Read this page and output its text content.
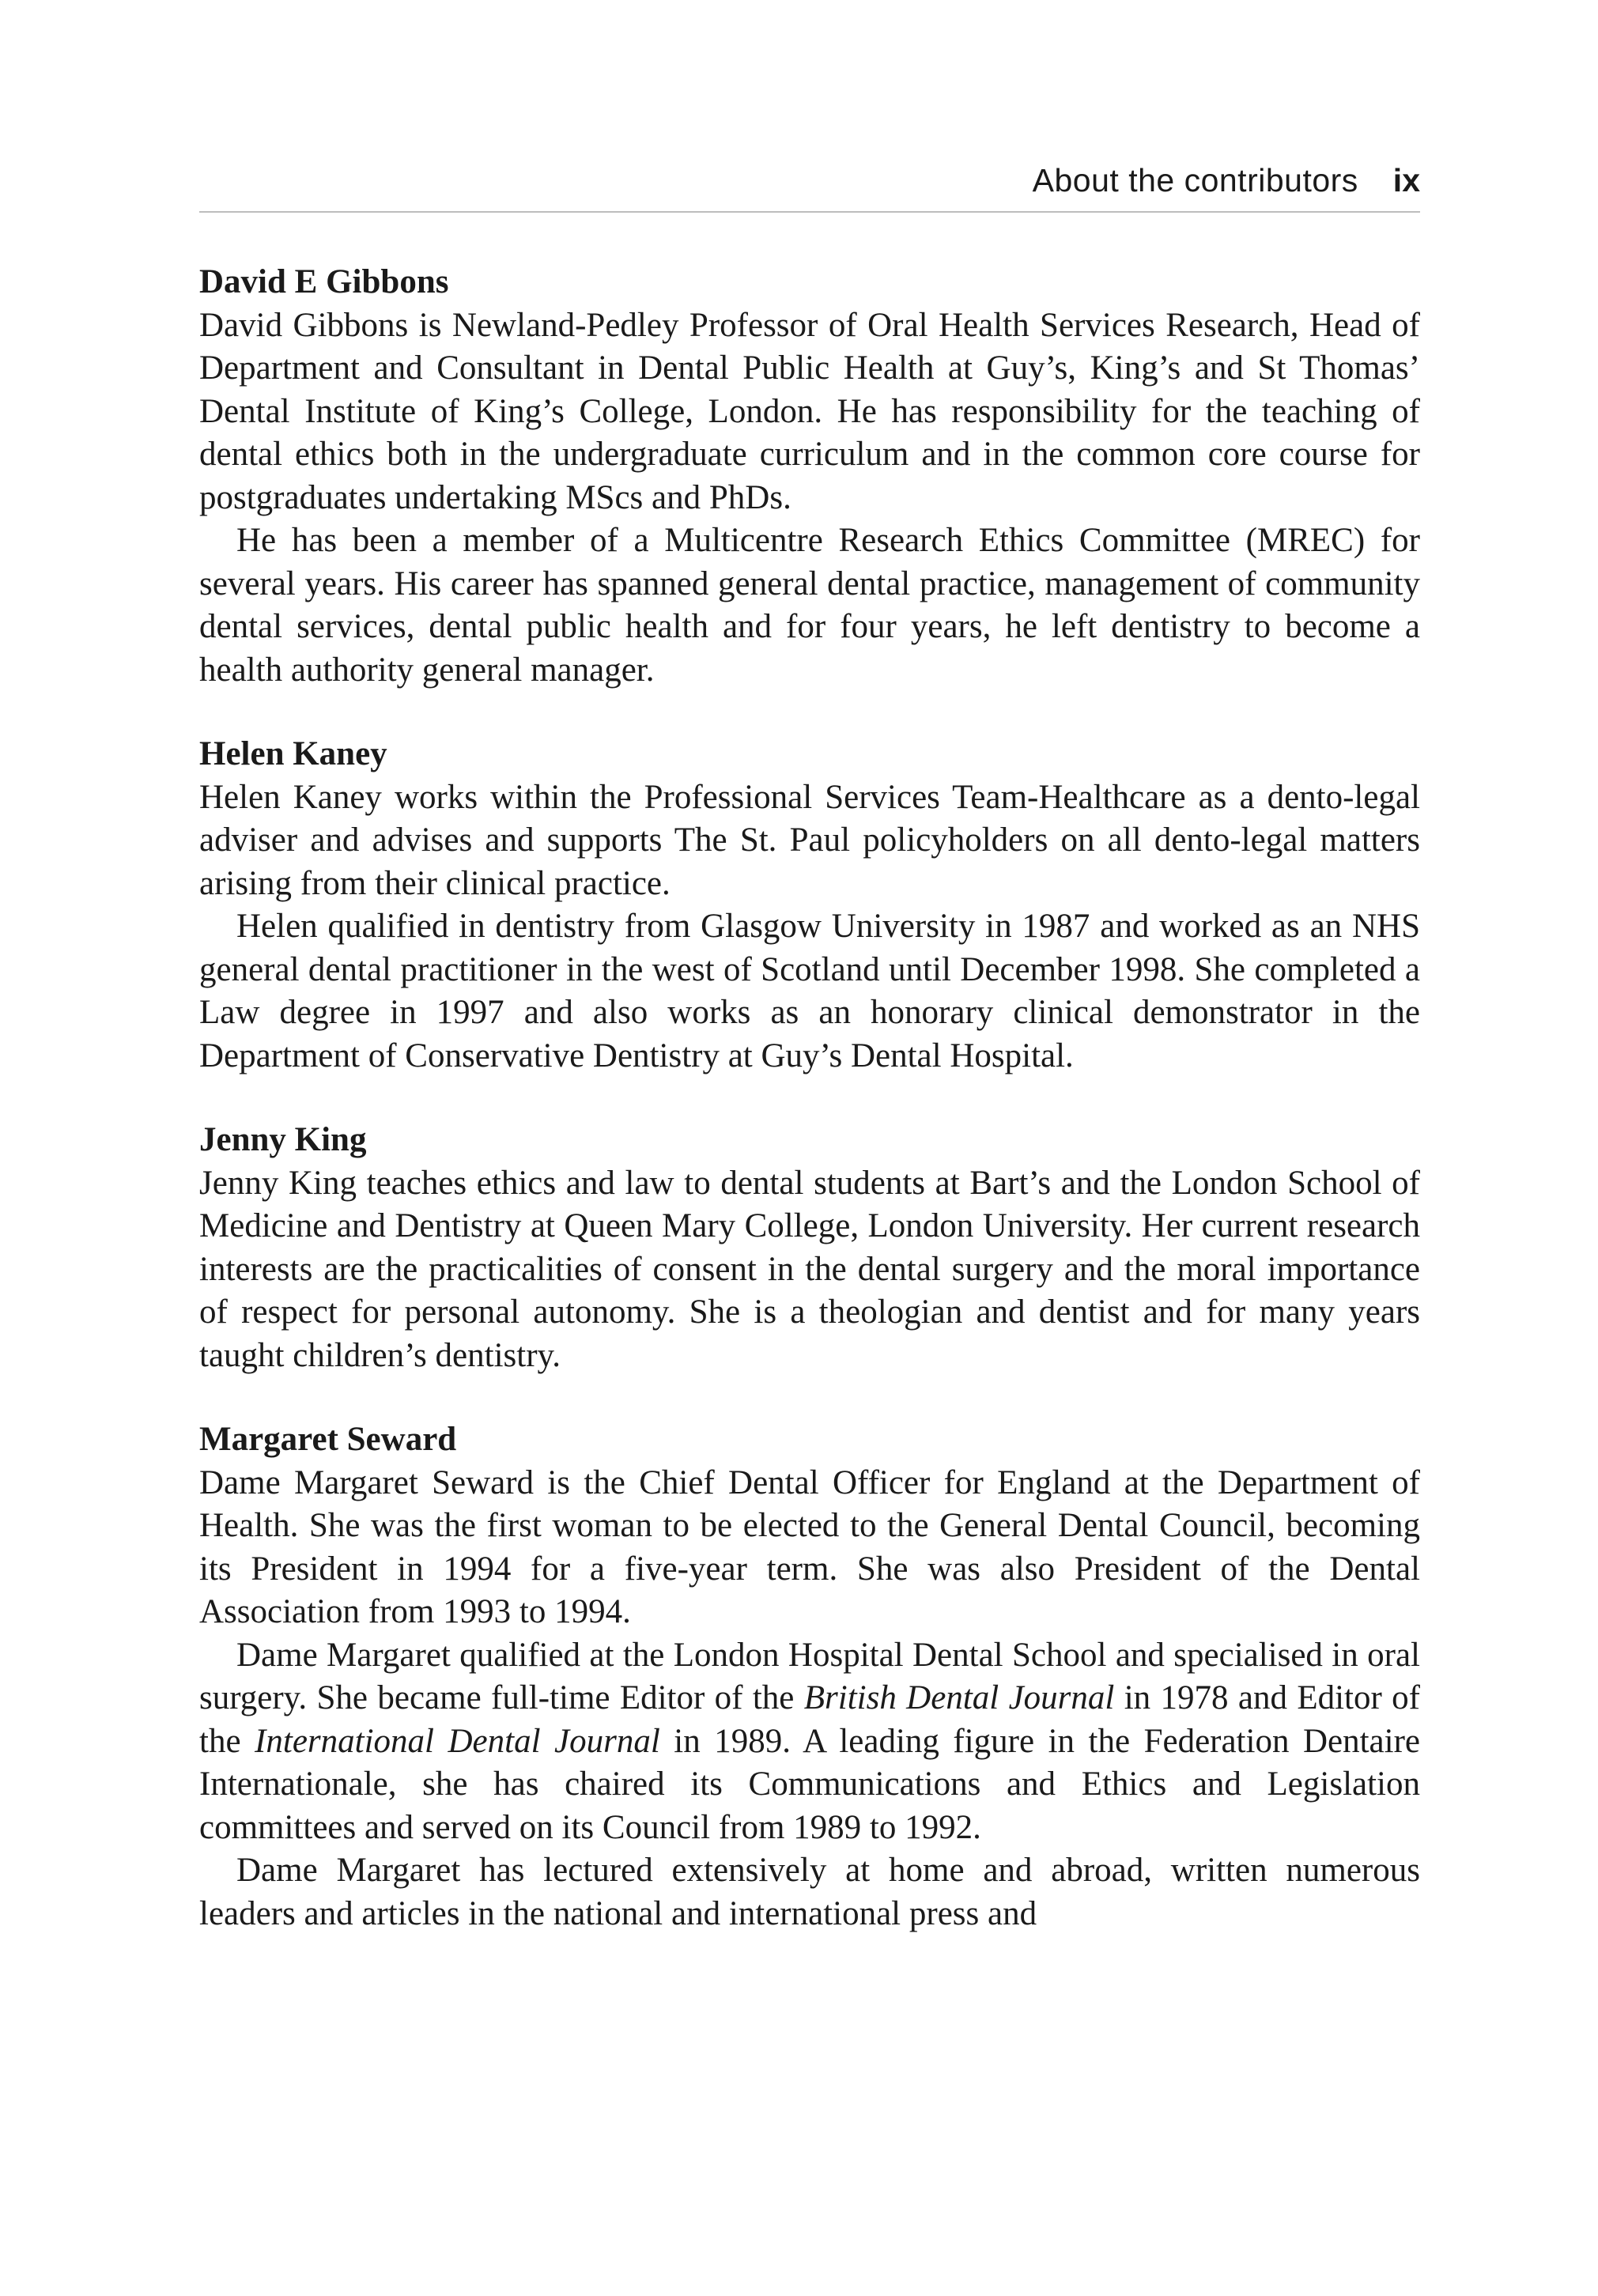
About the contributors ix
David E Gibbons

David Gibbons is Newland-Pedley Professor of Oral Health Services Research, Head of Department and Consultant in Dental Public Health at Guy’s, King’s and St Thomas’ Dental Institute of King’s College, London. He has responsibility for the teaching of dental ethics both in the undergraduate curriculum and in the common core course for postgraduates undertaking MScs and PhDs.

He has been a member of a Multicentre Research Ethics Committee (MREC) for several years. His career has spanned general dental practice, management of community dental services, dental public health and for four years, he left dentistry to become a health authority general manager.

Helen Kaney

Helen Kaney works within the Professional Services Team-Healthcare as a dento-legal adviser and advises and supports The St. Paul policyholders on all dento-legal matters arising from their clinical practice.

Helen qualified in dentistry from Glasgow University in 1987 and worked as an NHS general dental practitioner in the west of Scotland until December 1998. She completed a Law degree in 1997 and also works as an honorary clinical demonstrator in the Department of Conservative Dentistry at Guy’s Dental Hospital.

Jenny King

Jenny King teaches ethics and law to dental students at Bart’s and the London School of Medicine and Dentistry at Queen Mary College, London University. Her current research interests are the practicalities of consent in the dental surgery and the moral importance of respect for personal autonomy. She is a theologian and dentist and for many years taught children’s dentistry.

Margaret Seward

Dame Margaret Seward is the Chief Dental Officer for England at the Department of Health. She was the first woman to be elected to the General Dental Council, becoming its President in 1994 for a five-year term. She was also President of the Dental Association from 1993 to 1994.

Dame Margaret qualified at the London Hospital Dental School and specialised in oral surgery. She became full-time Editor of the British Dental Journal in 1978 and Editor of the International Dental Journal in 1989. A leading figure in the Federation Dentaire Internationale, she has chaired its Communications and Ethics and Legislation committees and served on its Council from 1989 to 1992.

Dame Margaret has lectured extensively at home and abroad, written numerous leaders and articles in the national and international press and
